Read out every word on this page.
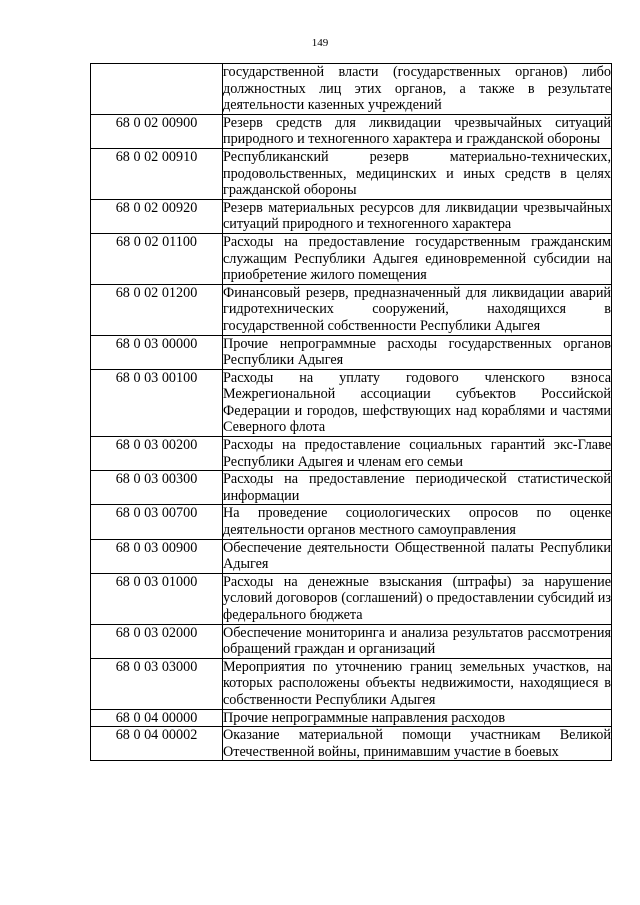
149
	государственной власти (государственных органов) либо должностных лиц этих органов, а также в результате деятельности казенных учреждений
68 0 02 00900	Резерв средств для ликвидации чрезвычайных ситуаций природного и техногенного характера и гражданской обороны
68 0 02 00910	Республиканский резерв материально-технических, продовольственных, медицинских и иных средств в целях гражданской обороны
68 0 02 00920	Резерв материальных ресурсов для ликвидации чрезвычайных ситуаций природного и техногенного характера
68 0 02 01100	Расходы на предоставление государственным гражданским служащим Республики Адыгея единовременной субсидии на приобретение жилого помещения
68 0 02 01200	Финансовый резерв, предназначенный для ликвидации аварий гидротехнических сооружений, находящихся в государственной собственности Республики Адыгея
68 0 03 00000	Прочие непрограммные расходы государственных органов Республики Адыгея
68 0 03 00100	Расходы на уплату годового членского взноса Межрегиональной ассоциации субъектов Российской Федерации и городов, шефствующих над кораблями и частями Северного флота
68 0 03 00200	Расходы на предоставление социальных гарантий экс-Главе Республики Адыгея и членам его семьи
68 0 03 00300	Расходы на предоставление периодической статистической информации
68 0 03 00700	На проведение социологических опросов по оценке деятельности органов местного самоуправления
68 0 03 00900	Обеспечение деятельности Общественной палаты Республики Адыгея
68 0 03 01000	Расходы на денежные взыскания (штрафы) за нарушение условий договоров (соглашений) о предоставлении субсидий из федерального бюджета
68 0 03 02000	Обеспечение мониторинга и анализа результатов рассмотрения обращений граждан и организаций
68 0 03 03000	Мероприятия по уточнению границ земельных участков, на которых расположены объекты недвижимости, находящиеся в собственности Республики Адыгея
68 0 04 00000	Прочие непрограммные направления расходов
68 0 04 00002	Оказание материальной помощи участникам Великой Отечественной войны, принимавшим участие в боевых
